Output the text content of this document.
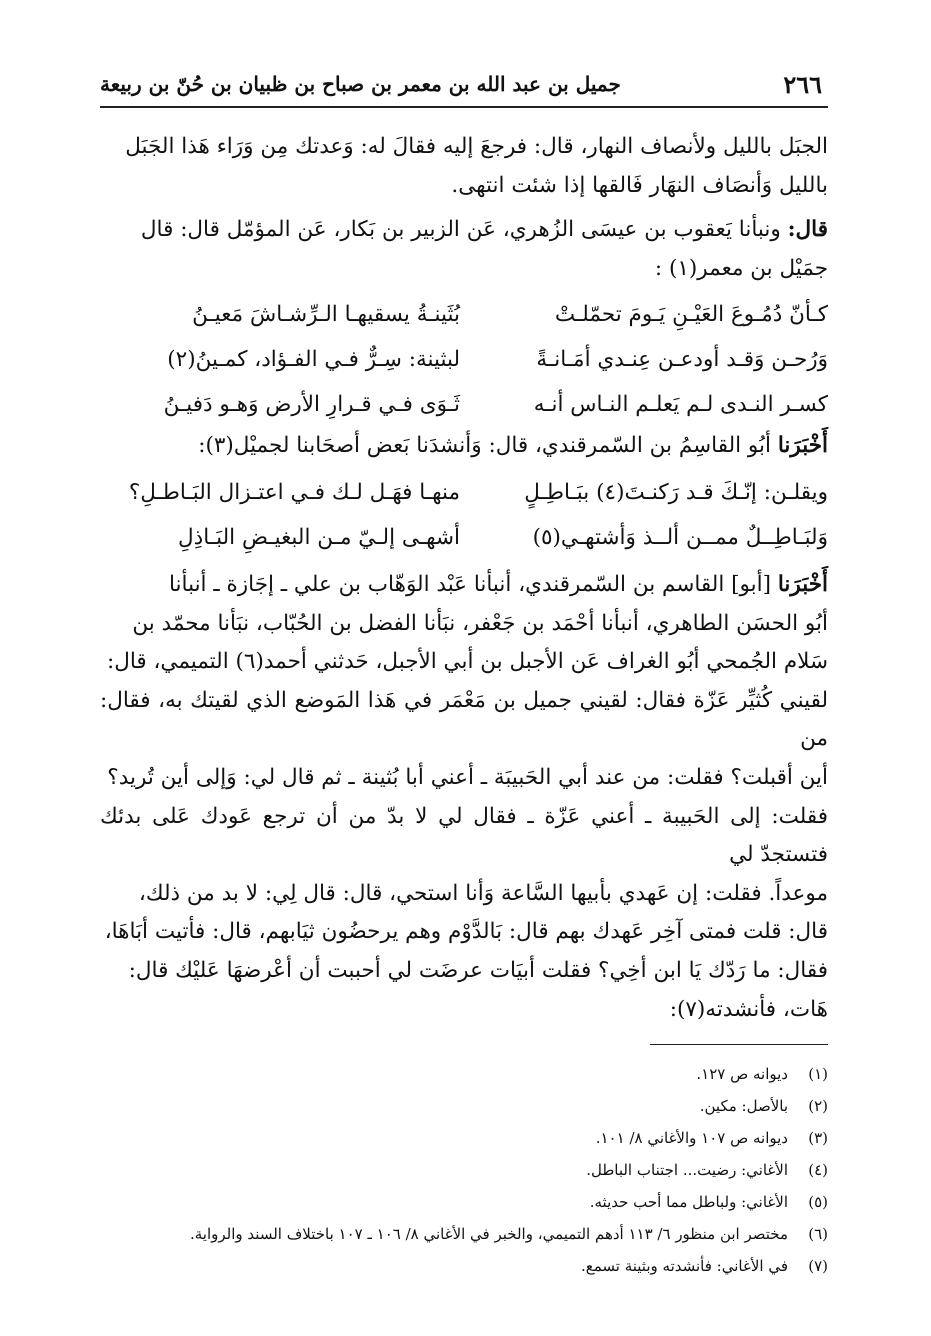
٢٦٦
جميل بن عبد الله بن معمر بن صباح بن ظبيان بن حُنّ بن ربيعة

الجبَل بالليل ولأنصاف النهار، قال: فرجعَ إليه فقالَ له: وَعدتك مِن وَرَاء هَذا الجَبَل

بالليل وَأنصَاف النهَار فَالقها إذا شئت انتهى.

قال: ونبأنا يَعقوب بن عيسَى الزُهري، عَن الزبير بن بَكار، عَن المؤمّل قال: قال

جمَيْل بن معمر(١) :

كـأنّ دُمُـوعَ العَيْـنِ يَـومَ تحمّلـتْ
بُثَينـةُ يسقيهـا الـرِّشـاشَ مَعيـنُ
وَرُحـن وَقـد أودعـن عِنـدي أمَـانـةً
لبثينة: سِـرٌّ فـي الفـؤاد، كمـينُ(٢)
كسـر النـدى لـم يَعلـم النـاس أنـه
ثَـوَى فـي قـرارِ الأرض وَهـو دَفيـنُ

أَخْبَرَنا أبُو القاسِمُ بن السّمرقندي، قال: وَأنشدَنا بَعض أصحَابنا لجميْل(٣):

ويقلـن: إنّـكَ قـد رَكنـتَ(٤) ببَـاطِـلٍ
منهـا فهَـل لـك فـي اعتـزال البَـاطـلِ؟
وَلبَـاطِــلٌ ممــن ألــذ وَأشتهـي(٥)
أشهـى إلـيّ مـن البغيـضِ البَـاذِلِ

أَخْبَرَنا [أبو] القاسم بن السّمرقندي، أنبأنا عَبْد الوَهّاب بن علي ـ إجَازة ـ أنبأنا

أبُو الحسَن الطاهري، أنبأنا أحْمَد بن جَعْفر، نبَأنا الفضل بن الحُبّاب، نبَأنا محمّد بن

سَلام الجُمحي أبُو الغراف عَن الأجبل بن أبي الأجبل، حَدثني أحمد(٦) التميمي، قال:

لقيني كُثيِّر عَزّة فقال: لقيني جميل بن مَعْمَر في هَذا المَوضع الذي لقيتك به، فقال: من

أين أقبلت؟ فقلت: من عند أبي الحَبيبَة ـ أعني أبا بُثينة ـ ثم قال لي: وَإلى أين تُريد؟

فقلت: إلى الحَبيبة ـ أعني عَزّة ـ فقال لي لا بدّ من أن ترجع عَودك عَلى بدئك فتستجدّ لي

موعداً. فقلت: إن عَهدي بأبيها السَّاعة وَأنا استحي، قال: قال لِي: لا بد من ذلك،

قال: قلت فمتى آخِر عَهدك بهم قال: بَالدَّوْم وهم يرحضُون ثيَابهم، قال: فأتيت أبَاهَا،

فقال: ما رَدّك يَا ابن أخِي؟ فقلت أبيَات عرضَت لي أحببت أن أعْرضهَا عَليْك قال:

هَات، فأنشدته(٧):

(١)
ديوانه ص ١٢٧.
(٢)
بالأصل: مكين.
(٣)
ديوانه ص ١٠٧ والأغاني ٨/ ١٠١.
(٤)
الأغاني: رضيت... اجتناب الباطل.
(٥)
الأغاني: ولباطل مما أحب حديثه.
(٦)
مختصر ابن منظور ٦/ ١١٣ أدهم التميمي، والخبر في الأغاني ٨/ ١٠٦ ـ ١٠٧ باختلاف السند والرواية.
(٧)
في الأغاني: فأنشدته وبثينة تسمع.
